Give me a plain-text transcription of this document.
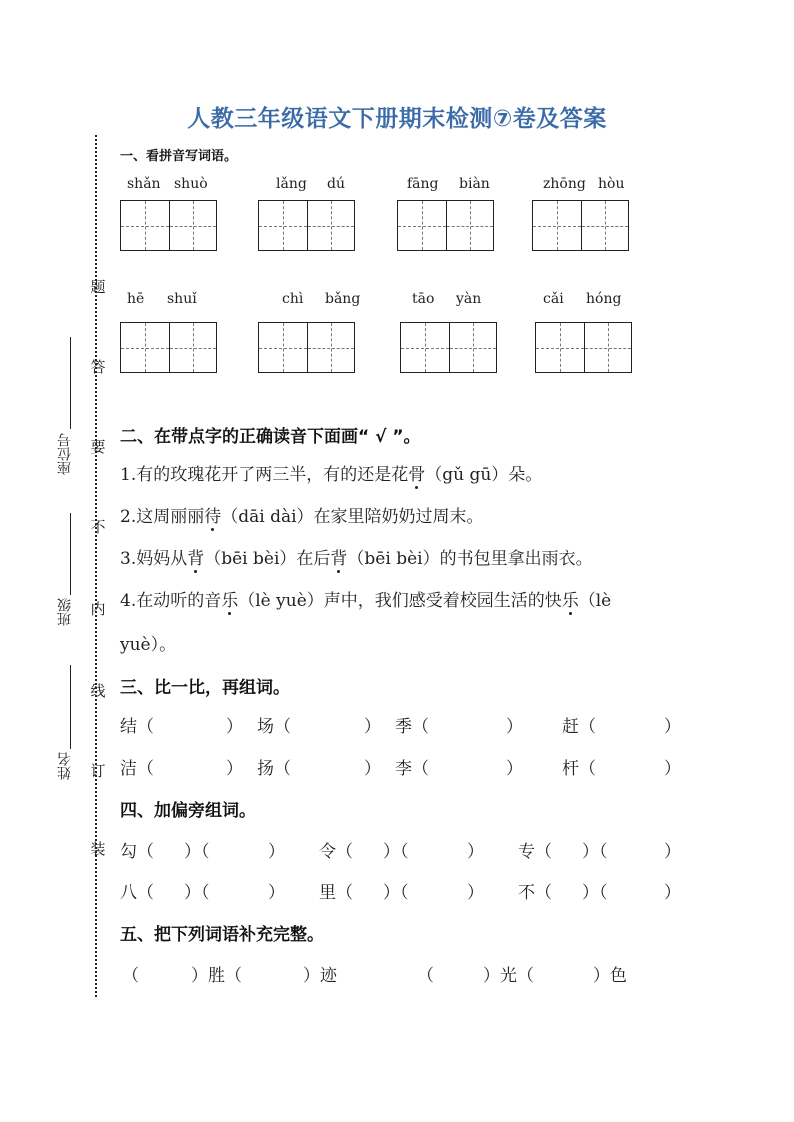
人教三年级语文下册期末检测⑦卷及答案
题
答
要
不
内
线
订
装
座位号
班级
姓名
一、看拼音写词语。
shǎn shuò	lǎng dú	fāng biàn	zhōng hòu
hē shuǐ	chì bǎng	tāo yàn	cǎi hóng
二、在带点字的正确读音下面画“ √ ”。
1.有的玫瑰花开了两三半，有的还是花骨（gǔ gū）朵。
2.这周丽丽待（dāi dài）在家里陪奶奶过周末。
3.妈妈从背（bēi bèi）在后背（bēi bèi）的书包里拿出雨衣。
4.在动听的音乐（lè yuè）声中，我们感受着校园生活的快乐（lè
yuè）。
三、比一比，再组词。
结（	） 场（	） 季（	） 赶（	）
洁（	） 扬（	） 李（	） 杆（	）
四、加偏旁组词。
勾（ ）（	） 令（ ）（	） 专（ ）（	）
八（ ）（	） 里（ ）（	） 不（ ）（	）
五、把下列词语补充完整。
（	）胜（	）迹	（	）光（	）色
